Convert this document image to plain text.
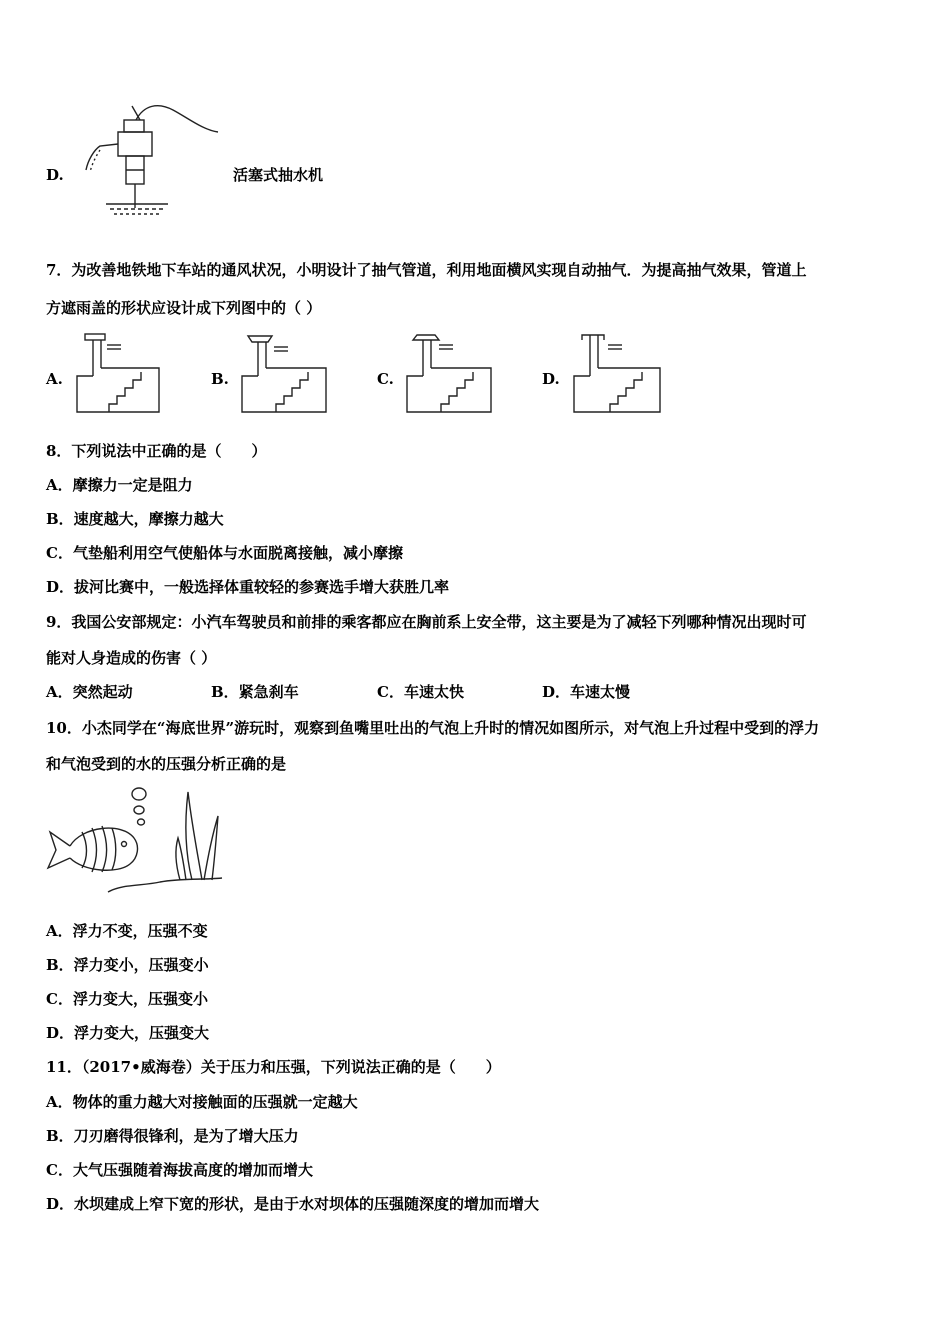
D.	活塞式抽水机
7．为改善地铁地下车站的通风状况，小明设计了抽气管道，利用地面横风实现自动抽气．为提高抽气效果，管道上
方遮雨盖的形状应设计成下列图中的（ ）
A.	B.	C.	D.
8．下列说法中正确的是（　　）
A．摩擦力一定是阻力
B．速度越大，摩擦力越大
C．气垫船利用空气使船体与水面脱离接触，减小摩擦
D．拔河比赛中，一般选择体重较轻的参赛选手增大获胜几率
9．我国公安部规定：小汽车驾驶员和前排的乘客都应在胸前系上安全带，这主要是为了减轻下列哪种情况出现时可
能对人身造成的伤害（ ）
A．突然起动	B．紧急刹车	C．车速太快	D．车速太慢
10．小杰同学在“海底世界”游玩时，观察到鱼嘴里吐出的气泡上升时的情况如图所示，对气泡上升过程中受到的浮力
和气泡受到的水的压强分析正确的是
A．浮力不变，压强不变
B．浮力变小，压强变小
C．浮力变大，压强变小
D．浮力变大，压强变大
11．（2017•威海卷）关于压力和压强，下列说法正确的是（　　）
A．物体的重力越大对接触面的压强就一定越大
B．刀刃磨得很锋利，是为了增大压力
C．大气压强随着海拔高度的增加而增大
D．水坝建成上窄下宽的形状，是由于水对坝体的压强随深度的增加而增大
